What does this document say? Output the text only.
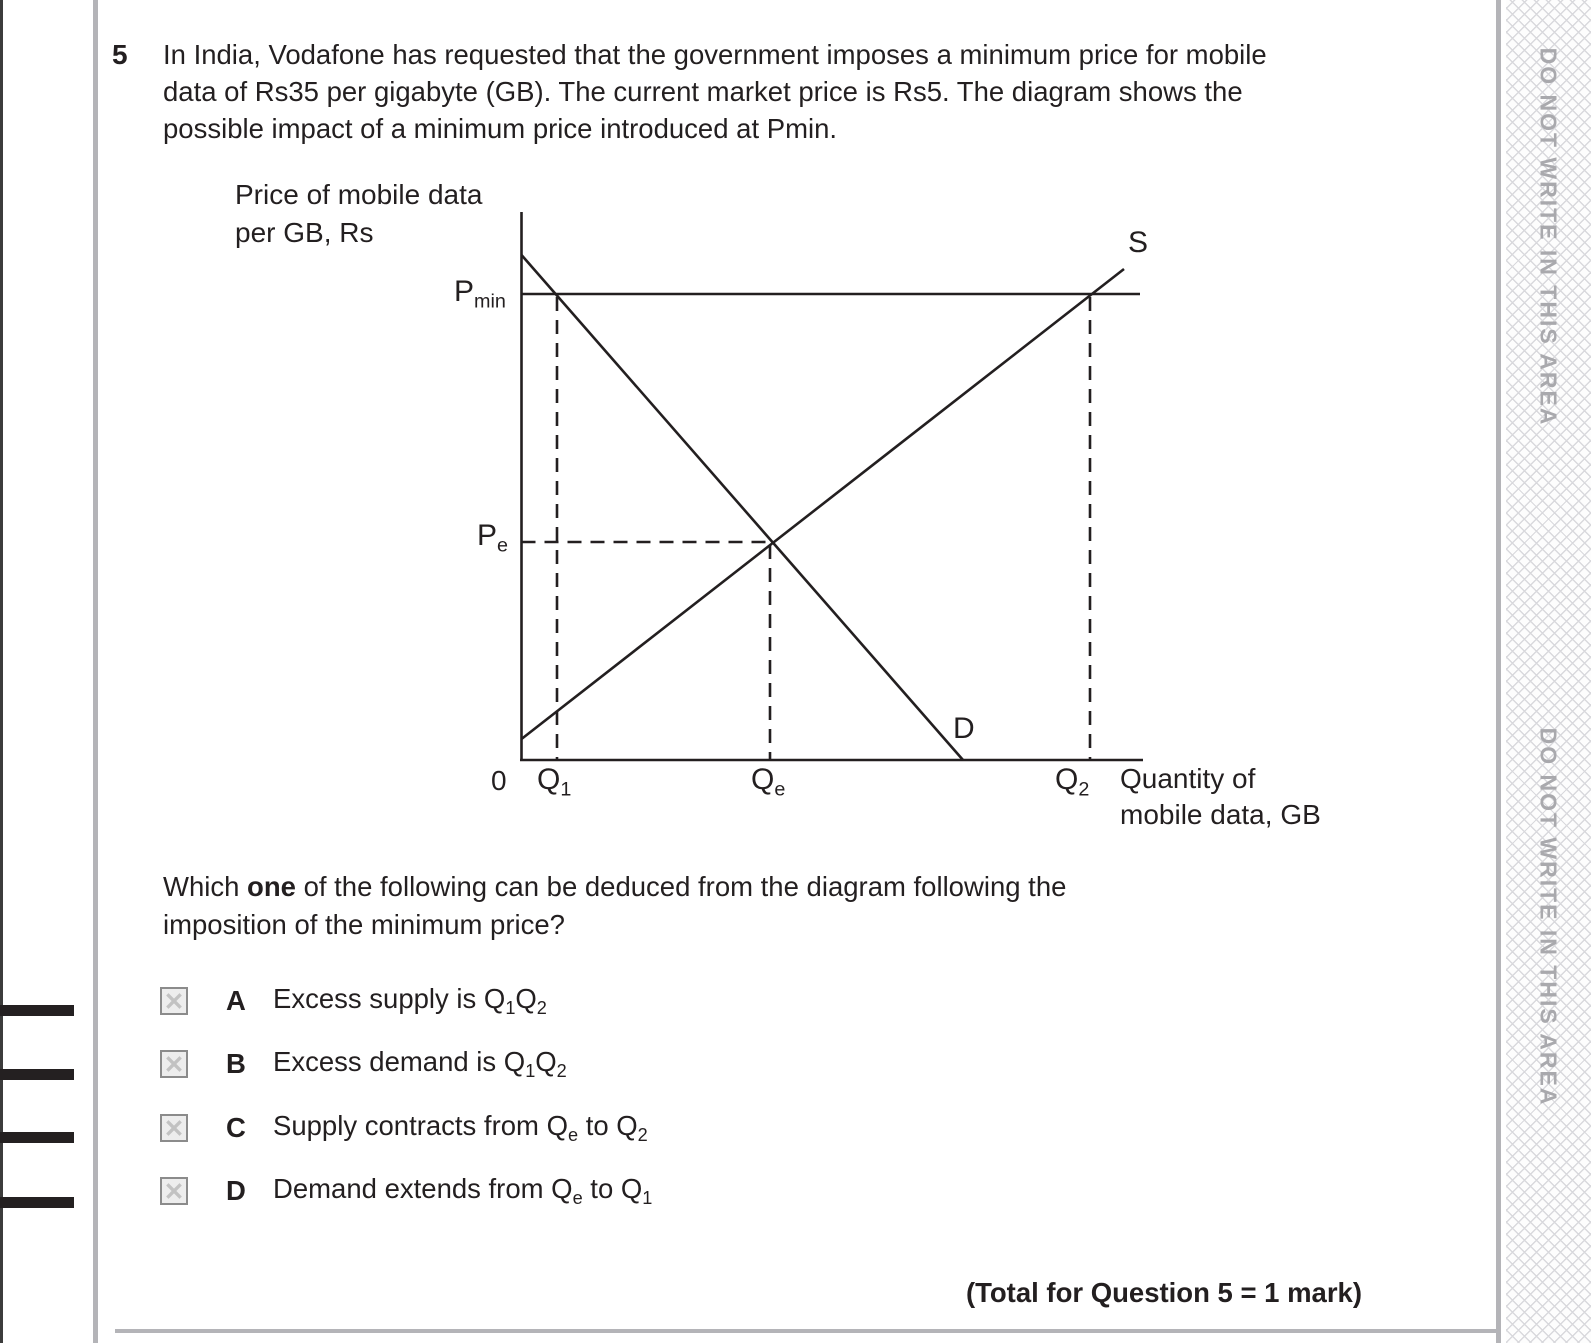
DO NOT WRITE IN THIS AREA
DO NOT WRITE IN THIS AREA
5 In India, Vodafone has requested that the government imposes a minimum price for mobile data of Rs35 per gigabyte (GB). The current market price is Rs5. The diagram shows the possible impact of a minimum price introduced at Pmin.
Price of mobile data
per GB, Rs
Quantity of
mobile data, GB
$P_{min}$
$P_e$
S
D
0 $Q_1$	$Q_e$	$Q_2$
Which one of the following can be deduced from the diagram following the imposition of the minimum price?
A Excess supply is $Q_1Q_2$
B Excess demand is $Q_1Q_2$
C Supply contracts from $Q_e$ to $Q_2$
D Demand extends from $Q_e$ to $Q_1$
(Total for Question 5 = 1 mark)
